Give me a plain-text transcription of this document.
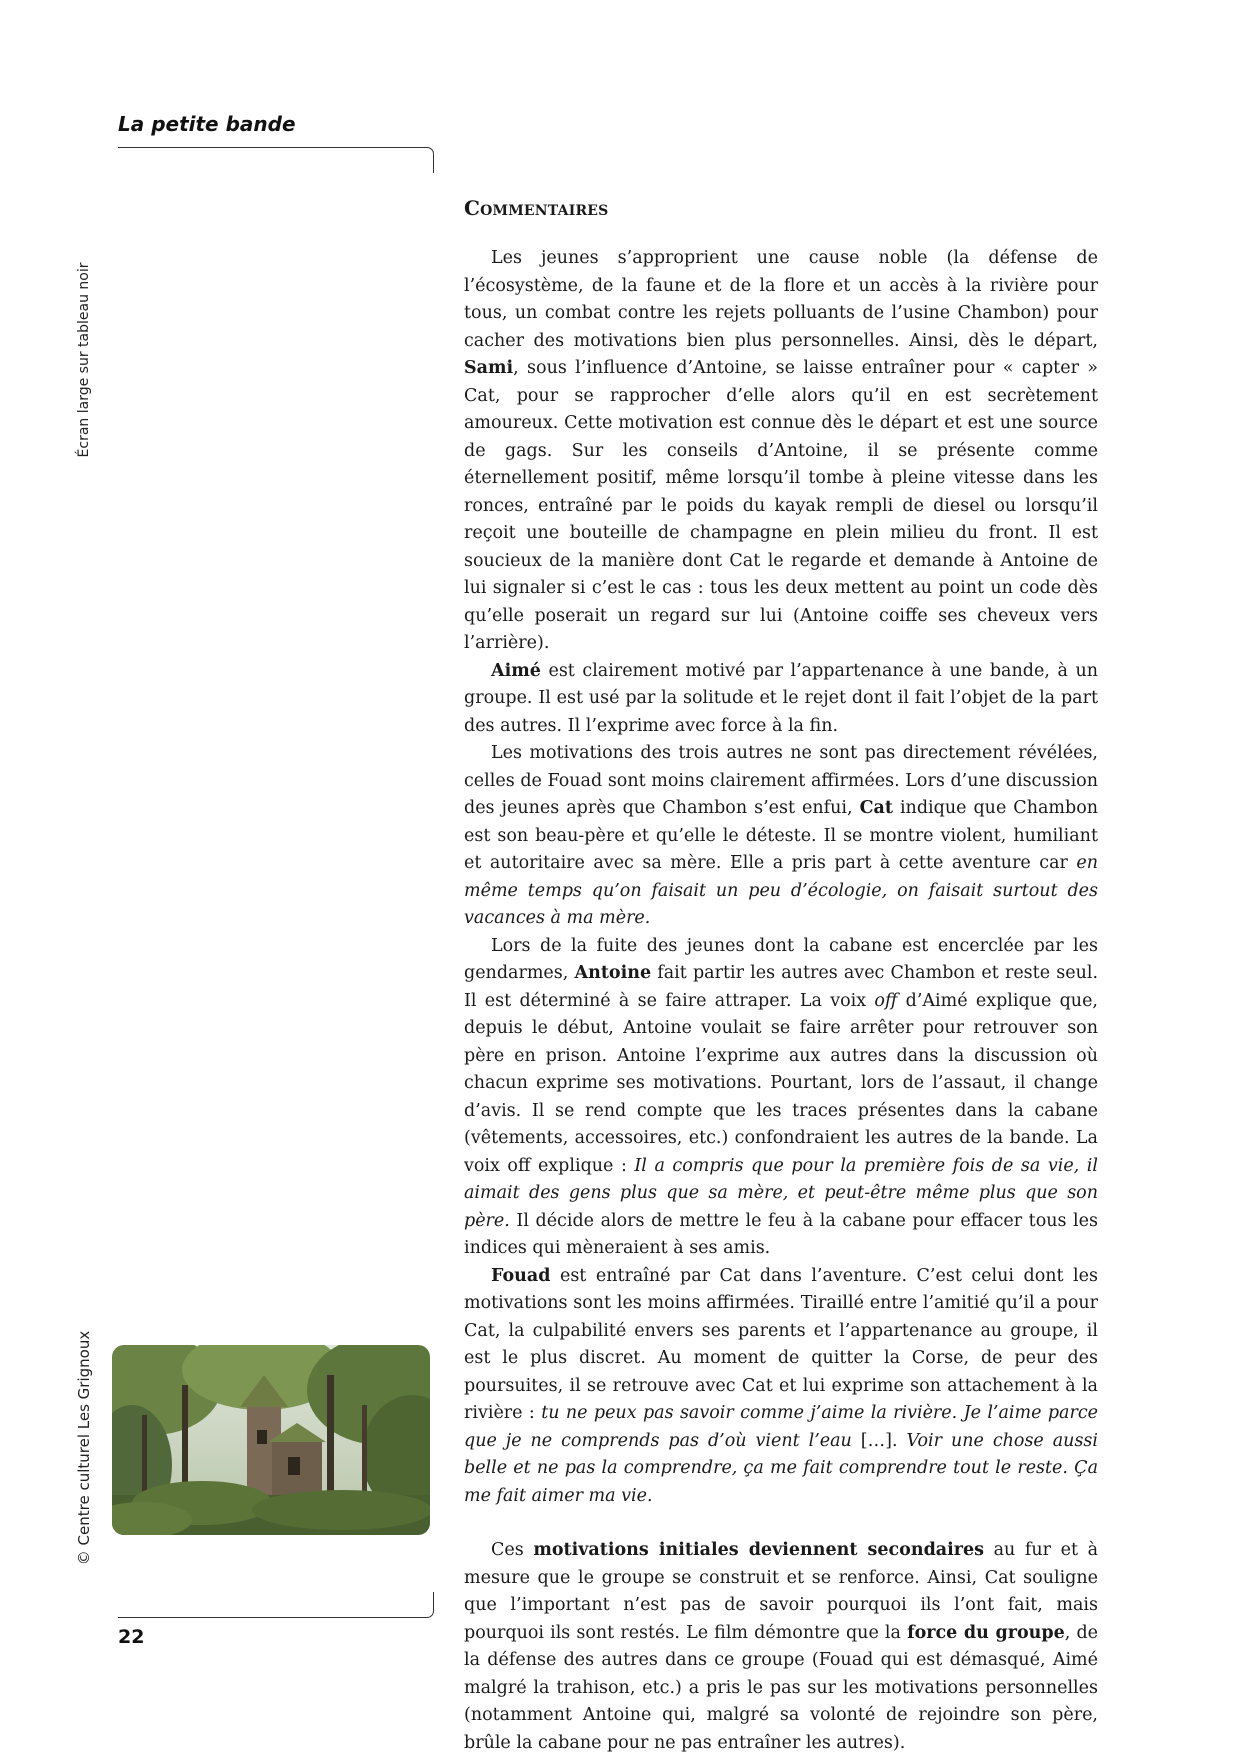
La petite bande
Écran large sur tableau noir
© Centre culturel Les Grignoux
22
Commentaires

Les jeunes s’approprient une cause noble (la défense de l’écosystème, de la faune et de la flore et un accès à la rivière pour tous, un combat contre les rejets polluants de l’usine Chambon) pour cacher des motivations bien plus personnelles. Ainsi, dès le départ, Sami, sous l’influence d’Antoine, se laisse entraîner pour « capter » Cat, pour se rapprocher d’elle alors qu’il en est secrètement amoureux. Cette motivation est connue dès le départ et est une source de gags. Sur les conseils d’Antoine, il se présente comme éternellement positif, même lorsqu’il tombe à pleine vitesse dans les ronces, entraîné par le poids du kayak rempli de diesel ou lorsqu’il reçoit une bouteille de champagne en plein milieu du front. Il est soucieux de la manière dont Cat le regarde et demande à Antoine de lui signaler si c’est le cas : tous les deux mettent au point un code dès qu’elle poserait un regard sur lui (Antoine coiffe ses cheveux vers l’arrière).

Aimé est clairement motivé par l’appartenance à une bande, à un groupe. Il est usé par la solitude et le rejet dont il fait l’objet de la part des autres. Il l’exprime avec force à la fin.

Les motivations des trois autres ne sont pas directement révélées, celles de Fouad sont moins clairement affirmées. Lors d’une discussion des jeunes après que Chambon s’est enfui, Cat indique que Chambon est son beau-père et qu’elle le déteste. Il se montre violent, humiliant et autoritaire avec sa mère. Elle a pris part à cette aventure car en même temps qu’on faisait un peu d’écologie, on faisait surtout des vacances à ma mère.

Lors de la fuite des jeunes dont la cabane est encerclée par les gendarmes, Antoine fait partir les autres avec Chambon et reste seul. Il est déterminé à se faire attraper. La voix off d’Aimé explique que, depuis le début, Antoine voulait se faire arrêter pour retrouver son père en prison. Antoine l’exprime aux autres dans la discussion où chacun exprime ses motivations. Pourtant, lors de l’assaut, il change d’avis. Il se rend compte que les traces présentes dans la cabane (vêtements, accessoires, etc.) confondraient les autres de la bande. La voix off explique : Il a compris que pour la première fois de sa vie, il aimait des gens plus que sa mère, et peut-être même plus que son père. Il décide alors de mettre le feu à la cabane pour effacer tous les indices qui mèneraient à ses amis.

Fouad est entraîné par Cat dans l’aventure. C’est celui dont les motivations sont les moins affirmées. Tiraillé entre l’amitié qu’il a pour Cat, la culpabilité envers ses parents et l’appartenance au groupe, il est le plus discret. Au moment de quitter la Corse, de peur des poursuites, il se retrouve avec Cat et lui exprime son attachement à la rivière : tu ne peux pas savoir comme j’aime la rivière. Je l’aime parce que je ne comprends pas d’où vient l’eau […]. Voir une chose aussi belle et ne pas la comprendre, ça me fait comprendre tout le reste. Ça me fait aimer ma vie.

Ces motivations initiales deviennent secondaires au fur et à mesure que le groupe se construit et se renforce. Ainsi, Cat souligne que l’important n’est pas de savoir pourquoi ils l’ont fait, mais pourquoi ils sont restés. Le film démontre que la force du groupe, de la défense des autres dans ce groupe (Fouad qui est démasqué, Aimé malgré la trahison, etc.) a pris le pas sur les motivations personnelles (notamment Antoine qui, malgré sa volonté de rejoindre son père, brûle la cabane pour ne pas entraîner les autres).
